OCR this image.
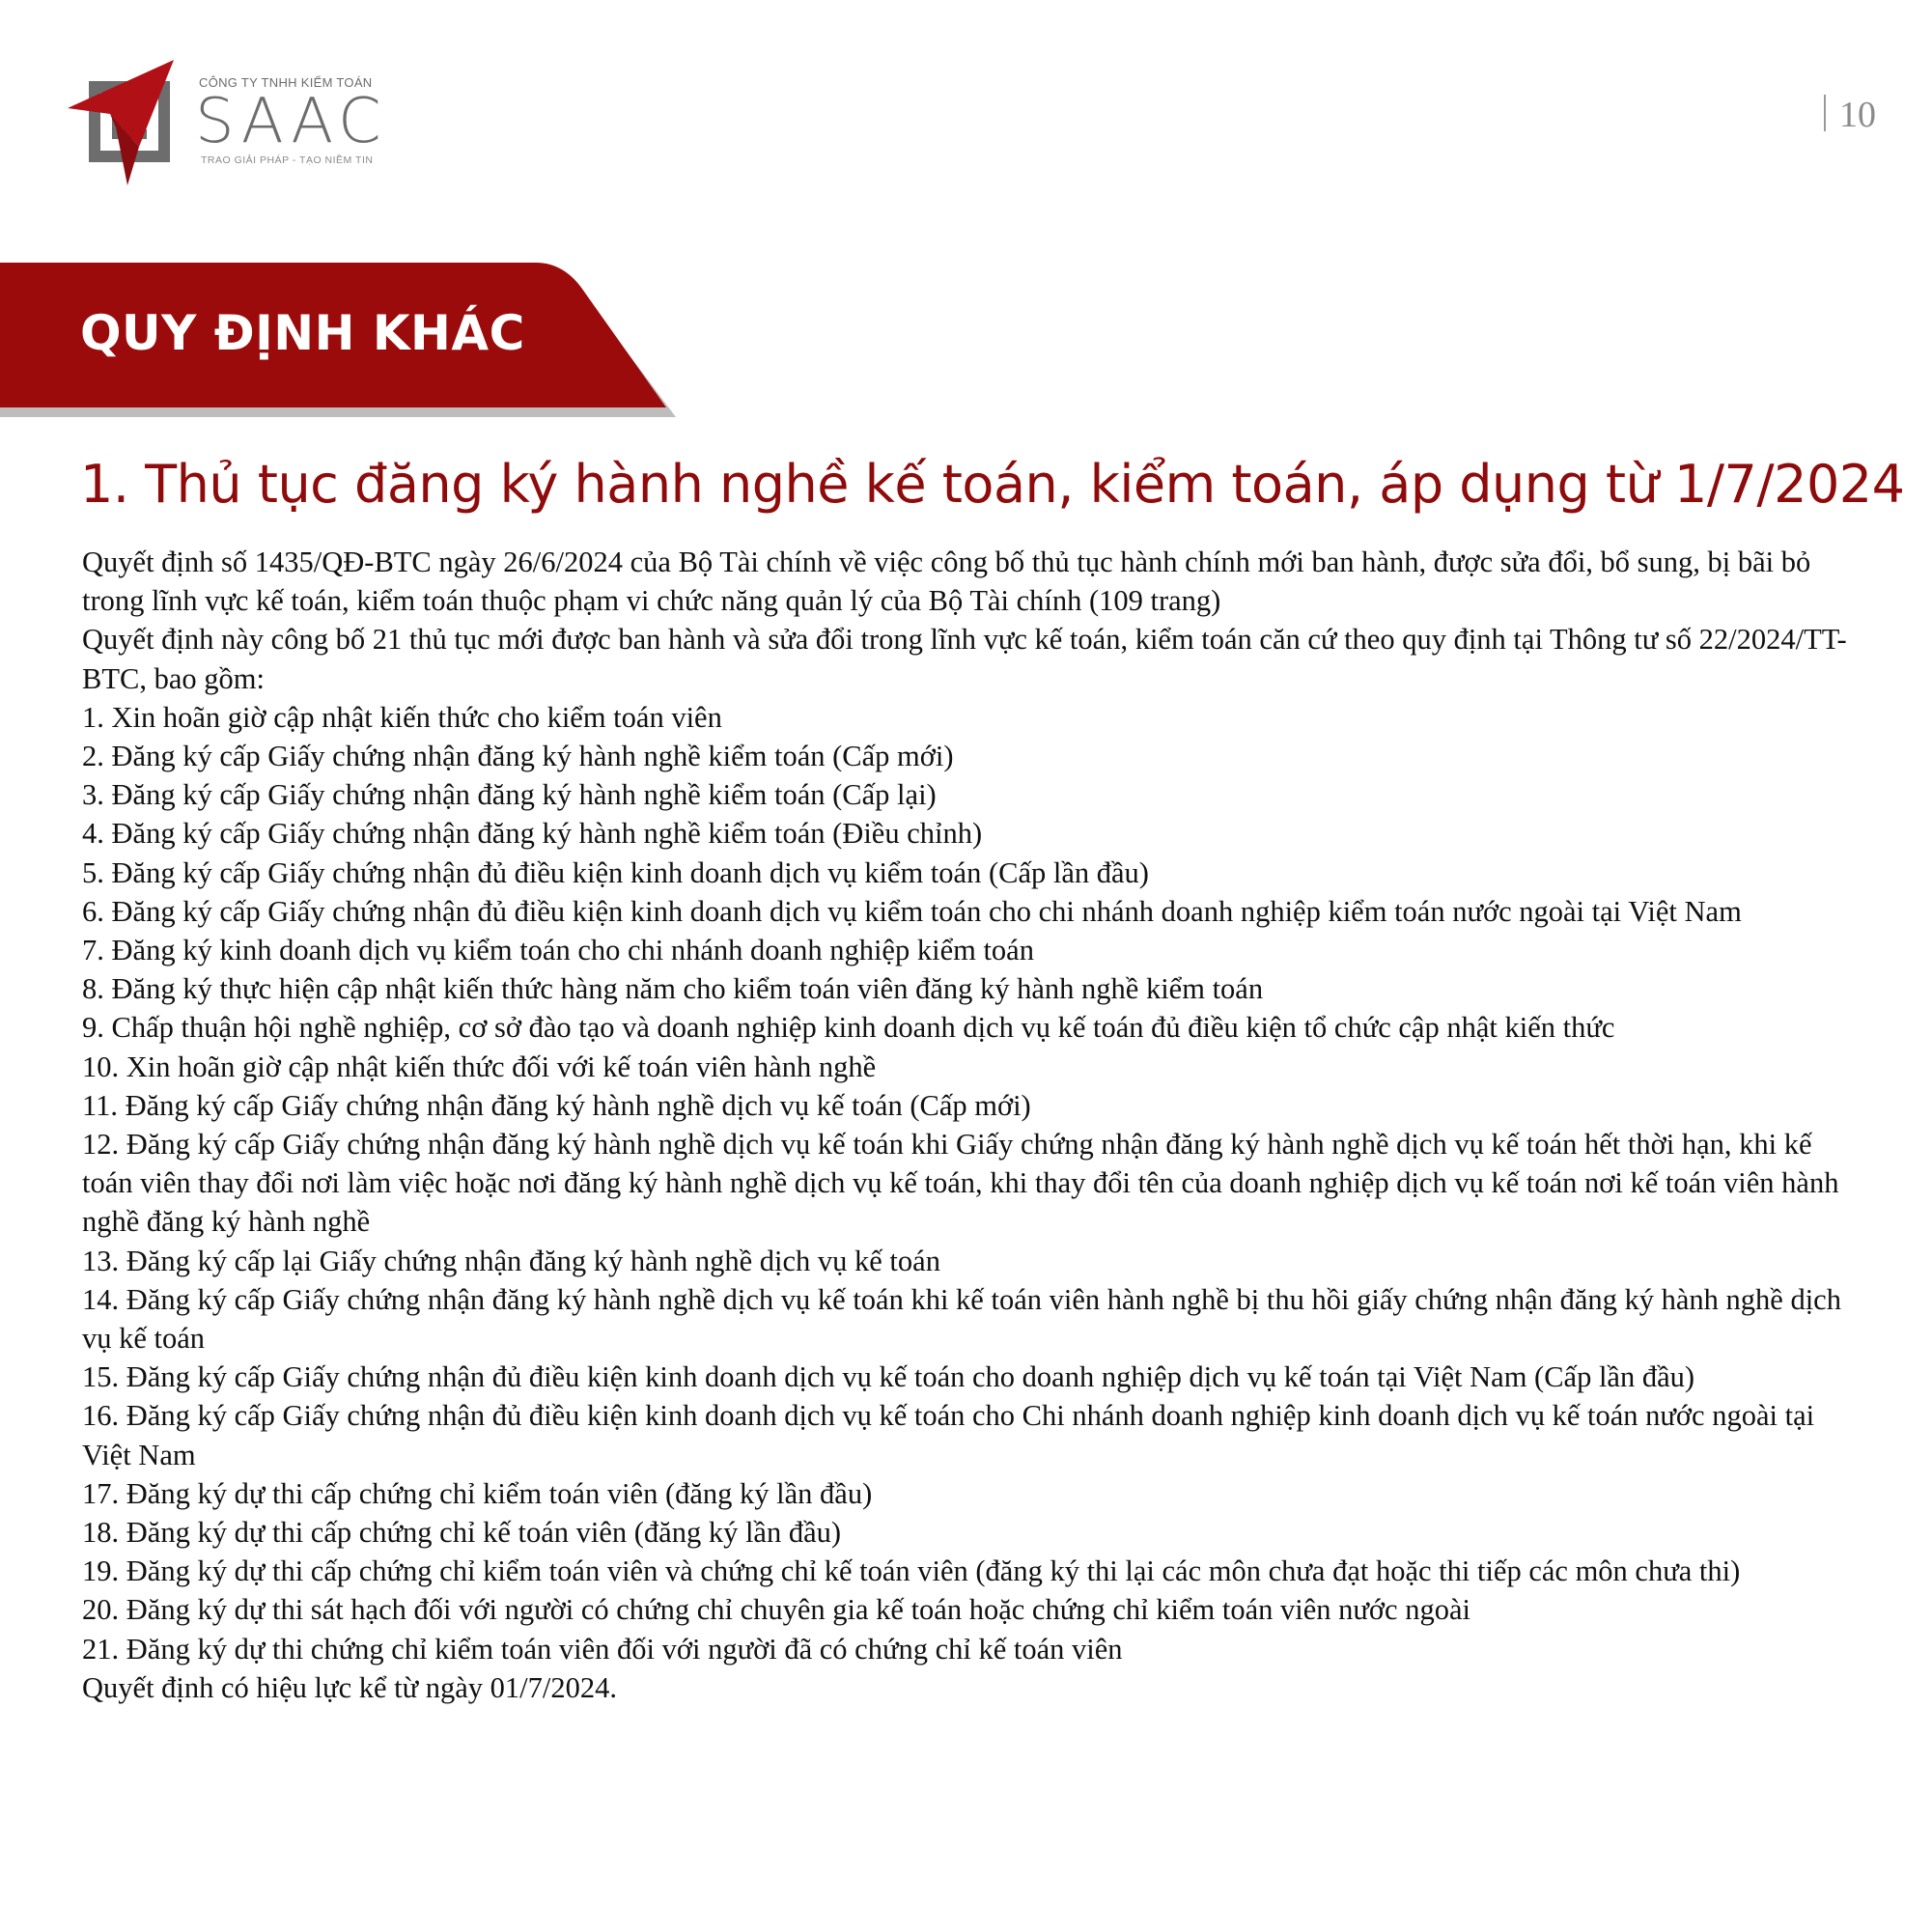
CÔNG TY TNHH KIỂM TOÁN
SAAC
TRAO GIẢI PHÁP - TẠO NIỀM TIN
10
QUY ĐỊNH KHÁC
1. Thủ tục đăng ký hành nghề kế toán, kiểm toán, áp dụng từ 1/7/2024

Quyết định số 1435/QĐ-BTC ngày 26/6/2024 của Bộ Tài chính về việc công bố thủ tục hành chính mới ban hành, được sửa đổi, bổ sung, bị bãi bỏ trong lĩnh vực kế toán, kiểm toán thuộc phạm vi chức năng quản lý của Bộ Tài chính (109 trang)

Quyết định này công bố 21 thủ tục mới được ban hành và sửa đổi trong lĩnh vực kế toán, kiểm toán căn cứ theo quy định tại Thông tư số 22/2024/TT-BTC, bao gồm:

1. Xin hoãn giờ cập nhật kiến thức cho kiểm toán viên

2. Đăng ký cấp Giấy chứng nhận đăng ký hành nghề kiểm toán (Cấp mới)

3. Đăng ký cấp Giấy chứng nhận đăng ký hành nghề kiểm toán (Cấp lại)

4. Đăng ký cấp Giấy chứng nhận đăng ký hành nghề kiểm toán (Điều chỉnh)

5. Đăng ký cấp Giấy chứng nhận đủ điều kiện kinh doanh dịch vụ kiểm toán (Cấp lần đầu)

6. Đăng ký cấp Giấy chứng nhận đủ điều kiện kinh doanh dịch vụ kiểm toán cho chi nhánh doanh nghiệp kiểm toán nước ngoài tại Việt Nam

7. Đăng ký kinh doanh dịch vụ kiểm toán cho chi nhánh doanh nghiệp kiểm toán

8. Đăng ký thực hiện cập nhật kiến thức hàng năm cho kiểm toán viên đăng ký hành nghề kiểm toán

9. Chấp thuận hội nghề nghiệp, cơ sở đào tạo và doanh nghiệp kinh doanh dịch vụ kế toán đủ điều kiện tổ chức cập nhật kiến thức

10. Xin hoãn giờ cập nhật kiến thức đối với kế toán viên hành nghề

11. Đăng ký cấp Giấy chứng nhận đăng ký hành nghề dịch vụ kế toán (Cấp mới)

12. Đăng ký cấp Giấy chứng nhận đăng ký hành nghề dịch vụ kế toán khi Giấy chứng nhận đăng ký hành nghề dịch vụ kế toán hết thời hạn, khi kế toán viên thay đổi nơi làm việc hoặc nơi đăng ký hành nghề dịch vụ kế toán, khi thay đổi tên của doanh nghiệp dịch vụ kế toán nơi kế toán viên hành nghề đăng ký hành nghề

13. Đăng ký cấp lại Giấy chứng nhận đăng ký hành nghề dịch vụ kế toán

14. Đăng ký cấp Giấy chứng nhận đăng ký hành nghề dịch vụ kế toán khi kế toán viên hành nghề bị thu hồi giấy chứng nhận đăng ký hành nghề dịch vụ kế toán

15. Đăng ký cấp Giấy chứng nhận đủ điều kiện kinh doanh dịch vụ kế toán cho doanh nghiệp dịch vụ kế toán tại Việt Nam (Cấp lần đầu)

16. Đăng ký cấp Giấy chứng nhận đủ điều kiện kinh doanh dịch vụ kế toán cho Chi nhánh doanh nghiệp kinh doanh dịch vụ kế toán nước ngoài tại Việt Nam

17. Đăng ký dự thi cấp chứng chỉ kiểm toán viên (đăng ký lần đầu)

18. Đăng ký dự thi cấp chứng chỉ kế toán viên (đăng ký lần đầu)

19. Đăng ký dự thi cấp chứng chỉ kiểm toán viên và chứng chỉ kế toán viên (đăng ký thi lại các môn chưa đạt hoặc thi tiếp các môn chưa thi)

20. Đăng ký dự thi sát hạch đối với người có chứng chỉ chuyên gia kế toán hoặc chứng chỉ kiểm toán viên nước ngoài

21. Đăng ký dự thi chứng chỉ kiểm toán viên đối với người đã có chứng chỉ kế toán viên

Quyết định có hiệu lực kể từ ngày 01/7/2024.
